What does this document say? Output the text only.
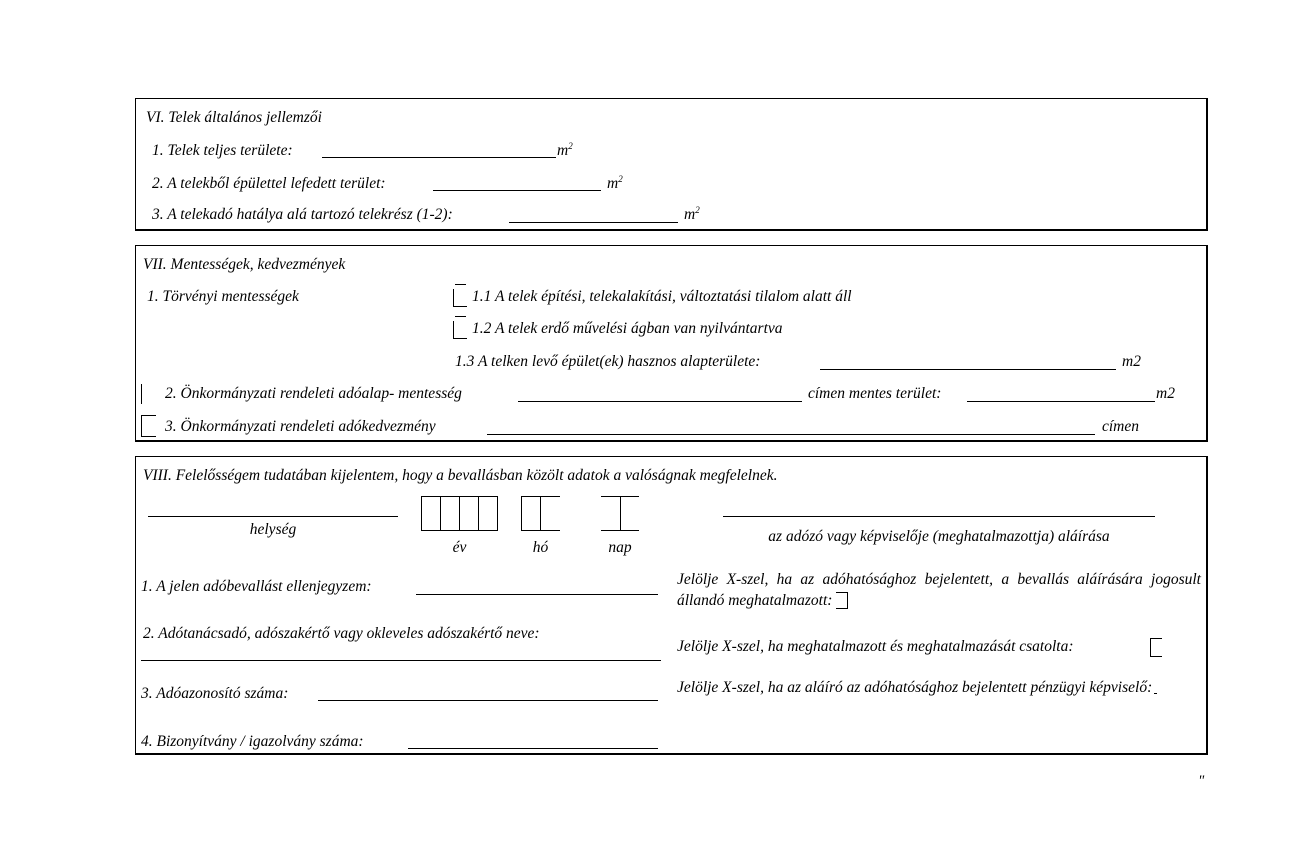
VI. Telek általános jellemzői
1. Telek teljes területe:	$m^2$
2. A telekből épülettel lefedett terület:	$m^2$
3. A telekadó hatálya alá tartozó telekrész (1-2):	$m^2$
VII. Mentességek, kedvezmények
1. Törvényi mentességek	1.1 A telek építési, telekalakítási, változtatási tilalom alatt áll
1.2 A telek erdő művelési ágban van nyilvántartva
1.3 A telken levő épület(ek) hasznos alapterülete:	m2
2. Önkormányzati rendeleti adóalap- mentesség	címen mentes terület:	m2
3. Önkormányzati rendeleti adókedvezmény	címen
VIII. Felelősségem tudatában kijelentem, hogy a bevallásban közölt adatok a valóságnak megfelelnek.
helység
év	hó	nap
az adózó vagy képviselője (meghatalmazottja) aláírása
1. A jelen adóbevallást ellenjegyzem:
2. Adótanácsadó, adószakértő vagy okleveles adószakértő neve:
3. Adóazonosító száma:
4. Bizonyítvány / igazolvány száma:
Jelölje X-szel, ha az adóhatósághoz bejelentett, a bevallás aláírására jogosult állandó meghatalmazott:
Jelölje X-szel, ha meghatalmazott és meghatalmazását csatolta:
Jelölje X-szel, ha az aláíró az adóhatósághoz bejelentett pénzügyi képviselő:
"
